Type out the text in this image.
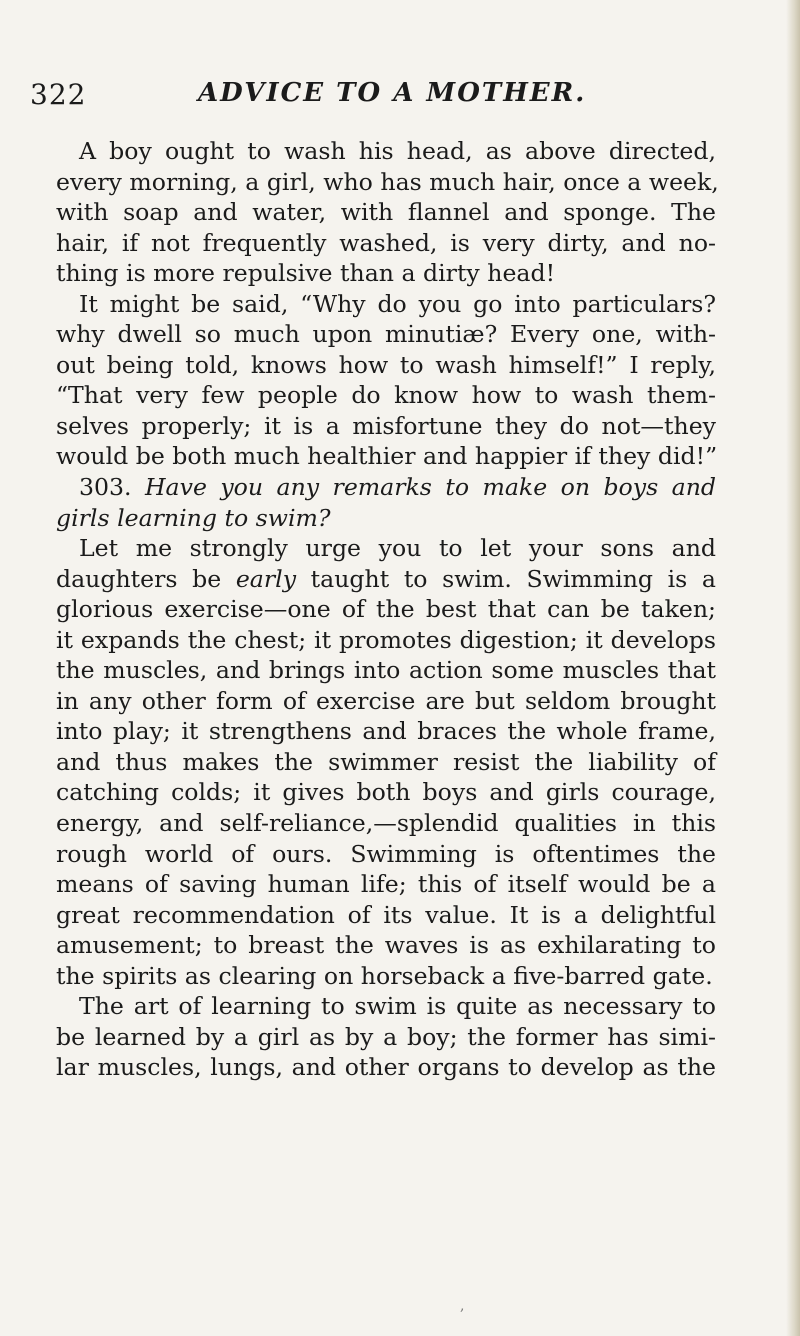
322	ADVICE TO A MOTHER.
A boy ought to wash his head, as above directed,
every morning, a girl, who has much hair, once a week,
with soap and water, with flannel and sponge. The
hair, if not frequently washed, is very dirty, and no-
thing is more repulsive than a dirty head!
It might be said, “Why do you go into particulars?
why dwell so much upon minutiæ? Every one, with-
out being told, knows how to wash himself!” I reply,
“That very few people do know how to wash them-
selves properly; it is a misfortune they do not—they
would be both much healthier and happier if they did!”
303. Have you any remarks to make on boys and
girls learning to swim?
Let me strongly urge you to let your sons and
daughters be early taught to swim. Swimming is a
glorious exercise—one of the best that can be taken;
it expands the chest; it promotes digestion; it develops
the muscles, and brings into action some muscles that
in any other form of exercise are but seldom brought
into play; it strengthens and braces the whole frame,
and thus makes the swimmer resist the liability of
catching colds; it gives both boys and girls courage,
energy, and self-reliance,—splendid qualities in this
rough world of ours. Swimming is oftentimes the
means of saving human life; this of itself would be a
great recommendation of its value. It is a delightful
amusement; to breast the waves is as exhilarating to
the spirits as clearing on horseback a five-barred gate.
The art of learning to swim is quite as necessary to
be learned by a girl as by a boy; the former has simi-
lar muscles, lungs, and other organs to develop as the
,
